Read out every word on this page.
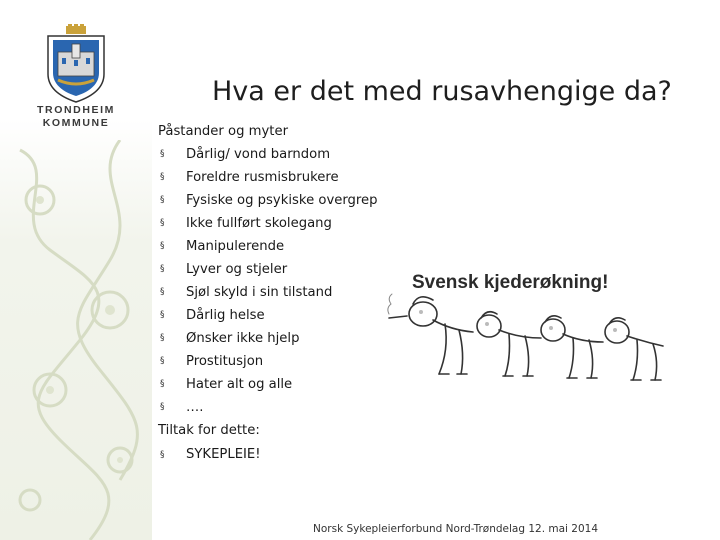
TRONDHEIM
KOMMUNE
Hva er det med rusavhengige da?
Påstander og myter
§ Dårlig/ vond barndom
§ Foreldre rusmisbrukere
§ Fysiske og psykiske overgrep
§ Ikke fullført skolegang
§ Manipulerende
§ Lyver og stjeler
§ Sjøl skyld i sin tilstand
§ Dårlig helse
§ Ønsker ikke hjelp
§ Prostitusjon
§ Hater alt og alle
§ ….
Tiltak for dette:
§ SYKEPLEIE!
Svensk kjederøkning!
Norsk Sykepleierforbund Nord-Trøndelag 12. mai 2014
